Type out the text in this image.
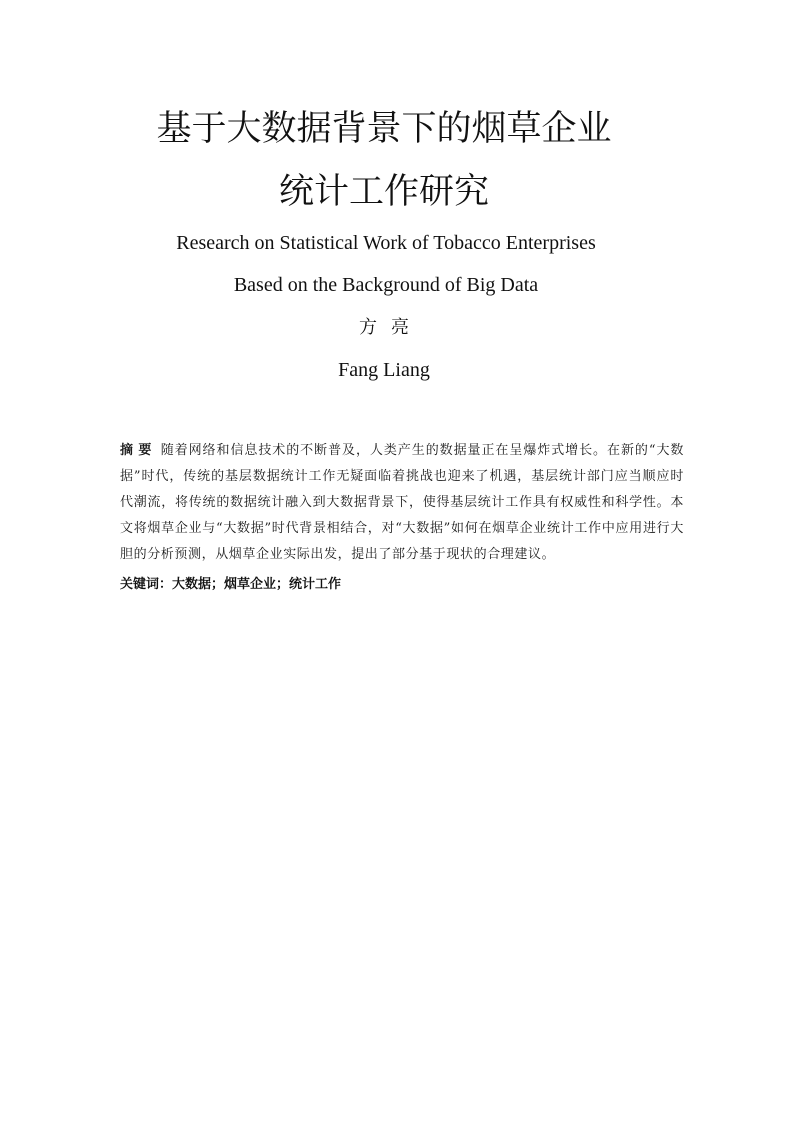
基于大数据背景下的烟草企业
统计工作研究
Research on Statistical Work of Tobacco Enterprises
Based on the Background of Big Data
方亮
Fang Liang
摘要 随着网络和信息技术的不断普及，人类产生的数据量正在呈爆炸式增长。在新的“大数据”时代，传统的基层数据统计工作无疑面临着挑战也迎来了机遇，基层统计部门应当顺应时代潮流，将传统的数据统计融入到大数据背景下，使得基层统计工作具有权威性和科学性。本文将烟草企业与“大数据”时代背景相结合，对“大数据”如何在烟草企业统计工作中应用进行大胆的分析预测，从烟草企业实际出发，提出了部分基于现状的合理建议。
关键词：大数据；烟草企业；统计工作
